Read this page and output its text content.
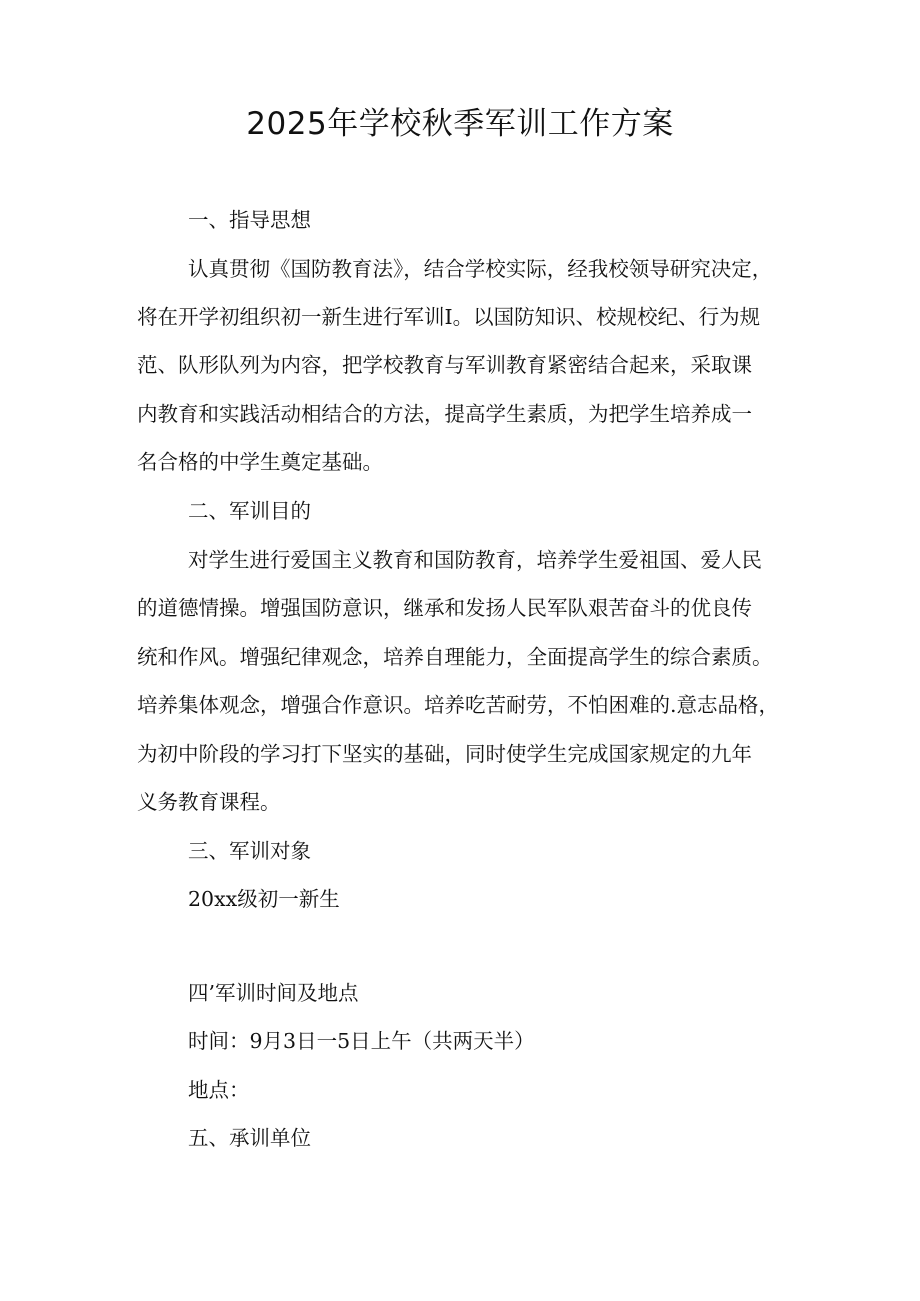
2025年学校秋季军训工作方案

一、指导思想

认真贯彻《国防教育法》，结合学校实际，经我校领导研究决定，

将在开学初组织初一新生进行军训I。以国防知识、校规校纪、行为规

范、队形队列为内容，把学校教育与军训教育紧密结合起来，采取课

内教育和实践活动相结合的方法，提高学生素质，为把学生培养成一

名合格的中学生奠定基础。

二、军训目的

对学生进行爱国主义教育和国防教育，培养学生爱祖国、爱人民

的道德情操。增强国防意识，继承和发扬人民军队艰苦奋斗的优良传

统和作风。增强纪律观念，培养自理能力，全面提高学生的综合素质。

培养集体观念，增强合作意识。培养吃苦耐劳，不怕困难的.意志品格，

为初中阶段的学习打下坚实的基础，同时使学生完成国家规定的九年

义务教育课程。

三、军训对象

20xx级初一新生

四’军训时间及地点

时间：9月3日一5日上午（共两天半）

地点：

五、承训单位
